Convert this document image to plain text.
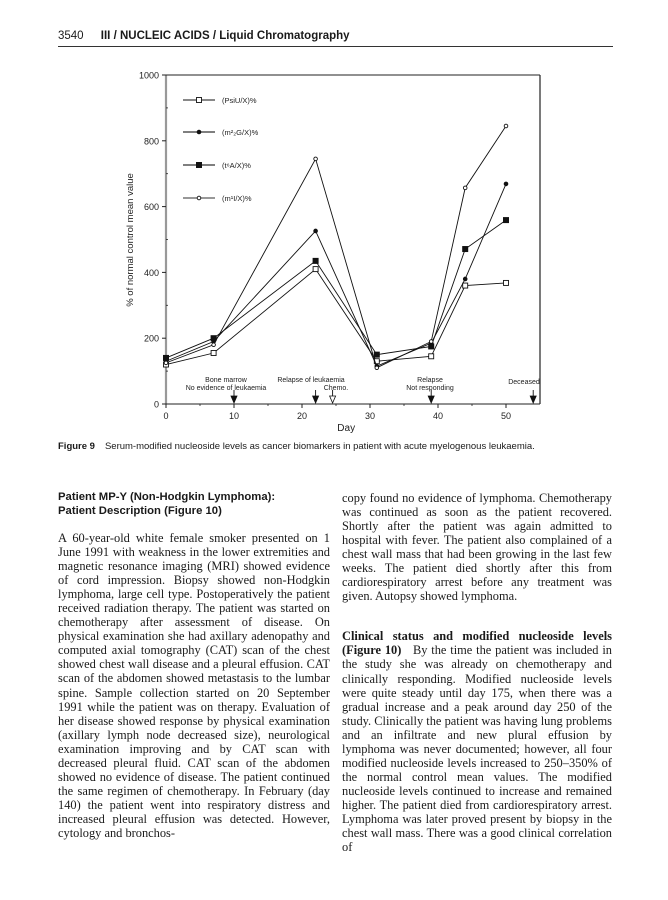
3540 III / NUCLEIC ACIDS / Liquid Chromatography
0
200
400
600
800
1000
0	10	20	30	40	50
Day
% of normal control mean value
(PsiU/X)%
(m²₂G/X)%
(t⁶A/X)%
(m¹I/X)%
Bone marrow
No evidence of leukaemia
Relapse of leukaemia
Chemo.
Relapse
Not responding
Deceased
Figure 9 Serum-modified nucleoside levels as cancer biomarkers in patient with acute myelogenous leukaemia.
Patient MP-Y (Non-Hodgkin Lymphoma):
Patient Description (Figure 10)

A 60-year-old white female smoker presented on 1 June 1991 with weakness in the lower extremities and magnetic resonance imaging (MRI) showed evidence of cord impression. Biopsy showed non-Hodgkin lymphoma, large cell type. Postoperatively the patient received radiation therapy. The patient was started on chemotherapy after assessment of disease. On physical examination she had axillary adenopathy and computed axial tomography (CAT) scan of the chest showed chest wall disease and a pleural effusion. CAT scan of the abdomen showed metastasis to the lumbar spine. Sample collection started on 20 September 1991 while the patient was on therapy. Evaluation of her disease showed response by physical examination (axillary lymph node decreased size), neurological examination improving and by CAT scan with decreased pleural fluid. CAT scan of the abdomen showed no evidence of disease. The patient continued the same regimen of chemotherapy. In February (day 140) the patient went into respiratory distress and increased pleural effusion was detected. However, cytology and bronchos-

copy found no evidence of lymphoma. Chemotherapy was continued as soon as the patient recovered. Shortly after the patient was again admitted to hospital with fever. The patient also complained of a chest wall mass that had been growing in the last few weeks. The patient died shortly after this from cardiorespiratory arrest before any treatment was given. Autopsy showed lymphoma.

Clinical status and modified nucleoside levels (Figure 10) By the time the patient was included in the study she was already on chemotherapy and clinically responding. Modified nucleoside levels were quite steady until day 175, when there was a gradual increase and a peak around day 250 of the study. Clinically the patient was having lung problems and an infiltrate and new plural effusion by lymphoma was never documented; however, all four modified nucleoside levels increased to 250–350% of the normal control mean values. The modified nucleoside levels continued to increase and remained higher. The patient died from cardiorespiratory arrest. Lymphoma was later proved present by biopsy in the chest wall mass. There was a good clinical correlation of
